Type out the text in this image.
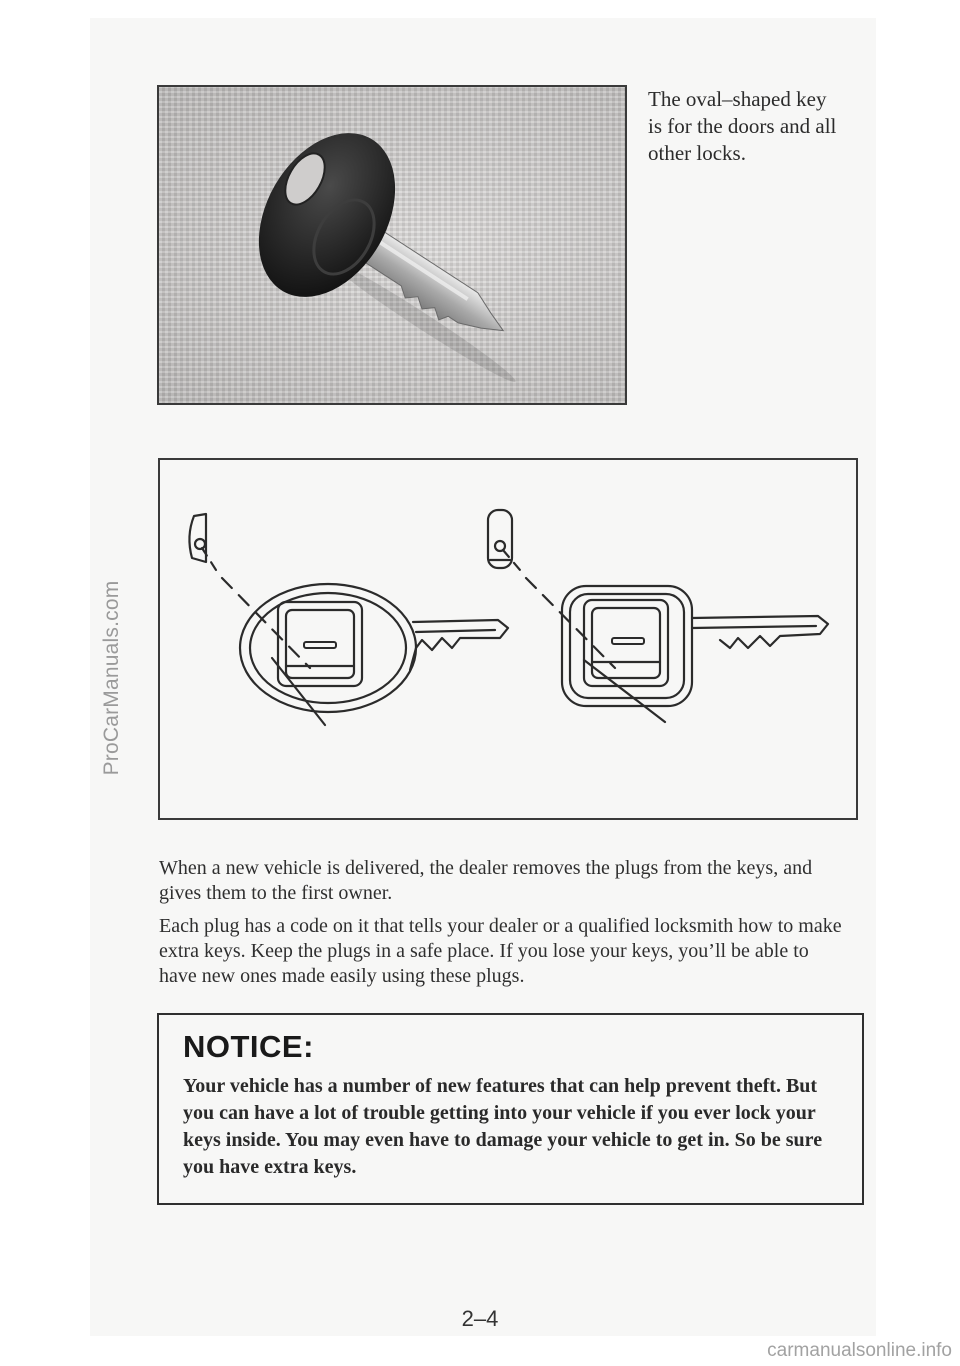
The oval–shaped key

is for the doors and all

other locks.

When a new vehicle is delivered, the dealer removes the plugs from the keys, and gives them to the first owner.

Each plug has a code on it that tells your dealer or a qualified locksmith how to make extra keys. Keep the plugs in a safe place. If you lose your keys, you’ll be able to have new ones made easily using these plugs.

NOTICE:

Your vehicle has a number of new features that can help prevent theft. But you can have a lot of trouble getting into your vehicle if you ever lock your keys inside. You may even have to damage your vehicle to get in. So be sure you have extra keys.

2–4
ProCarManuals.com
carmanualsonline.info
